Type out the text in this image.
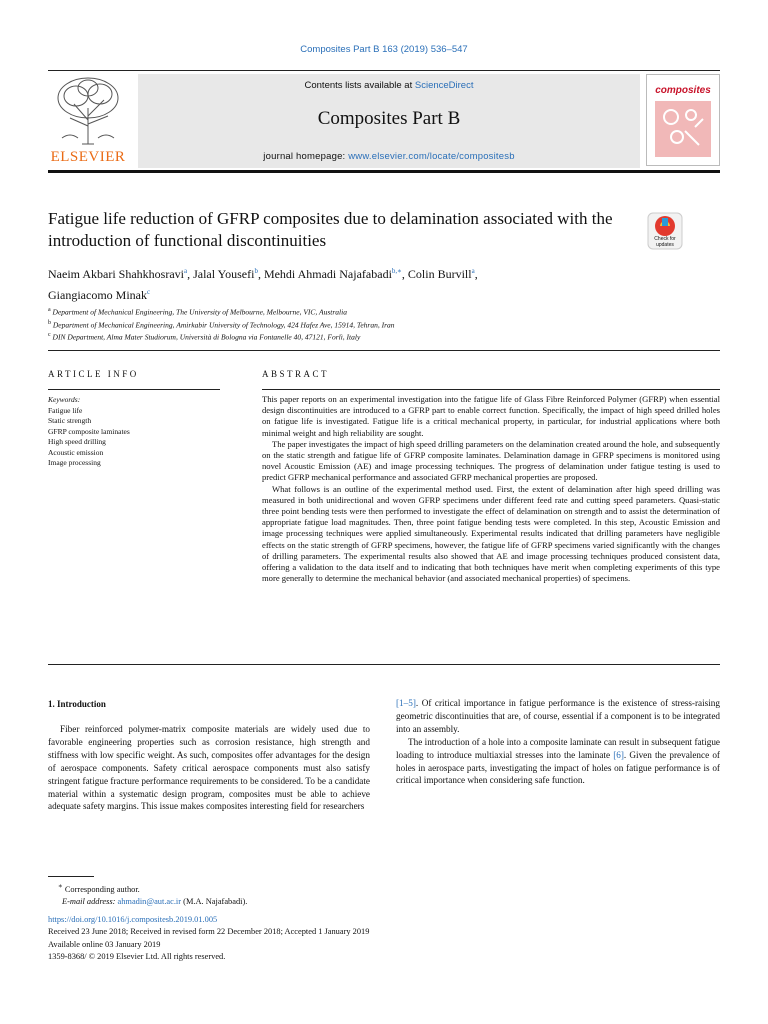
Composites Part B 163 (2019) 536–547
ELSEVIER
Contents lists available at ScienceDirect
Composites Part B
journal homepage: www.elsevier.com/locate/compositesb
composites
Fatigue life reduction of GFRP composites due to delamination associated with the introduction of functional discontinuities	Check for
updates
Naeim Akbari Shahkhosravi$^a$, Jalal Yousefi$^b$, Mehdi Ahmadi Najafabadi$^{b,∗}$, Colin Burvill$^a$,
Giangiacomo Minak$^c$
$^a$ Department of Mechanical Engineering, The University of Melbourne, Melbourne, VIC, Australia
$^b$ Department of Mechanical Engineering, Amirkabir University of Technology, 424 Hafez Ave, 15914, Tehran, Iran
$^c$ DIN Department, Alma Mater Studiorum, Università di Bologna via Fontanelle 40, 47121, Forlì, Italy
ARTICLE INFO	ABSTRACT
Keywords:
Fatigue life
Static strength
GFRP composite laminates
High speed drilling
Acoustic emission
Image processing

This paper reports on an experimental investigation into the fatigue life of Glass Fibre Reinforced Polymer (GFRP) when essential design discontinuities are introduced to a GFRP part to enable correct function. Specifically, the impact of high speed drilled holes on fatigue life is investigated. Fatigue life is a critical mechanical property, in particular, for industrial applications where both minimal weight and high reliability are sought.

The paper investigates the impact of high speed drilling parameters on the delamination created around the hole, and subsequently on the static strength and fatigue life of GFRP composite laminates. Delamination damage in GFRP specimens is monitored using novel Acoustic Emission (AE) and image processing techniques. The progress of delamination under fatigue testing is used to predict GFRP mechanical performance and associated GFRP mechanical properties are proposed.

What follows is an outline of the experimental method used. First, the extent of delamination after high speed drilling was measured in both unidirectional and woven GFRP specimens under different feed rate and cutting speed parameters. Quasi-static three point bending tests were then performed to investigate the effect of delamination on strength and to assist the determination of appropriate fatigue load magnitudes. Then, three point fatigue bending tests were completed. In this step, Acoustic Emission and image processing techniques were applied simultaneously. Experimental results indicated that drilling parameters have negligible effects on the static strength of GFRP specimens, however, the fatigue life of GFRP specimens varied significantly with the changes of drilling parameters. The experimental results also showed that AE and image processing techniques produced consistent data, offering a validation to the data itself and to indicating that both techniques have merit when completing experiments of this type more generally to determine the mechanical behavior (and associated mechanical properties) of specimens.

1. Introduction

Fiber reinforced polymer-matrix composite materials are widely used due to favorable engineering properties such as corrosion resistance, high strength and stiffness with low specific weight. As such, composites offer advantages for the design of aerospace components. Safety critical aerospace components must also satisfy stringent fatigue fracture performance requirements to be considered. To be a candidate material within a systematic design program, composites must be able to achieve adequate safety margins. This issue makes composites interesting field for researchers

[1–5]. Of critical importance in fatigue performance is the existence of stress-raising geometric discontinuities that are, of course, essential if a component is to be integrated into an assembly.

The introduction of a hole into a composite laminate can result in subsequent fatigue loading to introduce multiaxial stresses into the laminate [6]. Given the prevalence of holes in aerospace parts, investigating the impact of holes on fatigue performance is of critical importance when considering safe function.

∗ Corresponding author.
E-mail address: ahmadin@aut.ac.ir (M.A. Najafabadi).
https://doi.org/10.1016/j.compositesb.2019.01.005
Received 23 June 2018; Received in revised form 22 December 2018; Accepted 1 January 2019
Available online 03 January 2019
1359-8368/ © 2019 Elsevier Ltd. All rights reserved.
